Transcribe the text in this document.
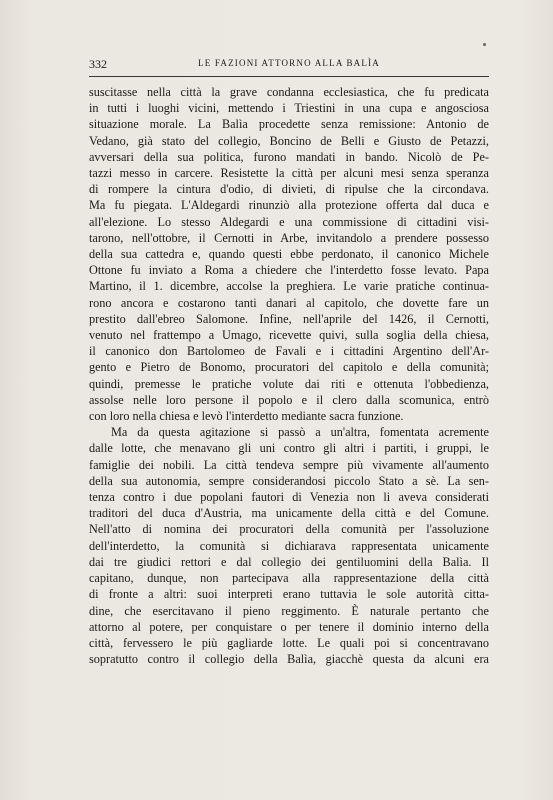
332	LE FAZIONI ATTORNO ALLA BALÌA
suscitasse nella città la grave condanna ecclesiastica, che fu predicata
in tutti i luoghi vicini, mettendo i Triestini in una cupa e angosciosa
situazione morale. La Balìa procedette senza remissione: Antonio de
Vedano, già stato del collegio, Boncino de Belli e Giusto de Petazzi,
avversari della sua politica, furono mandati in bando. Nicolò de Pe-
tazzi messo in carcere. Resistette la città per alcuni mesi senza speranza
di rompere la cintura d'odio, di divieti, di ripulse che la circondava.
Ma fu piegata. L'Aldegardi rinunziò alla protezione offerta dal duca e
all'elezione. Lo stesso Aldegardi e una commissione di cittadini visi-
tarono, nell'ottobre, il Cernotti in Arbe, invitandolo a prendere possesso
della sua cattedra e, quando questi ebbe perdonato, il canonico Michele
Ottone fu inviato a Roma a chiedere che l'interdetto fosse levato. Papa
Martino, il 1. dicembre, accolse la preghiera. Le varie pratiche continua-
rono ancora e costarono tanti danari al capitolo, che dovette fare un
prestito dall'ebreo Salomone. Infine, nell'aprile del 1426, il Cernotti,
venuto nel frattempo a Umago, ricevette quivi, sulla soglia della chiesa,
il canonico don Bartolomeo de Favali e i cittadini Argentino dell'Ar-
gento e Pietro de Bonomo, procuratori del capitolo e della comunità;
quindi, premesse le pratiche volute dai riti e ottenuta l'obbedienza,
assolse nelle loro persone il popolo e il clero dalla scomunica, entrò
con loro nella chiesa e levò l'interdetto mediante sacra funzione.
Ma da questa agitazione si passò a un'altra, fomentata acremente
dalle lotte, che menavano gli uni contro gli altri i partiti, i gruppi, le
famiglie dei nobili. La città tendeva sempre più vivamente all'aumento
della sua autonomia, sempre considerandosi piccolo Stato a sè. La sen-
tenza contro i due popolani fautori di Venezia non li aveva considerati
traditori del duca d'Austria, ma unicamente della città e del Comune.
Nell'atto di nomina dei procuratori della comunità per l'assoluzione
dell'interdetto, la comunità si dichiarava rappresentata unicamente
dai tre giudici rettori e dal collegio dei gentiluomini della Balìa. Il
capitano, dunque, non partecipava alla rappresentazione della città
di fronte a altri: suoi interpreti erano tuttavia le sole autorità citta-
dine, che esercitavano il pieno reggimento. È naturale pertanto che
attorno al potere, per conquistare o per tenere il dominio interno della
città, fervessero le più gagliarde lotte. Le quali poi si concentravano
sopratutto contro il collegio della Balìa, giacchè questa da alcuni era
